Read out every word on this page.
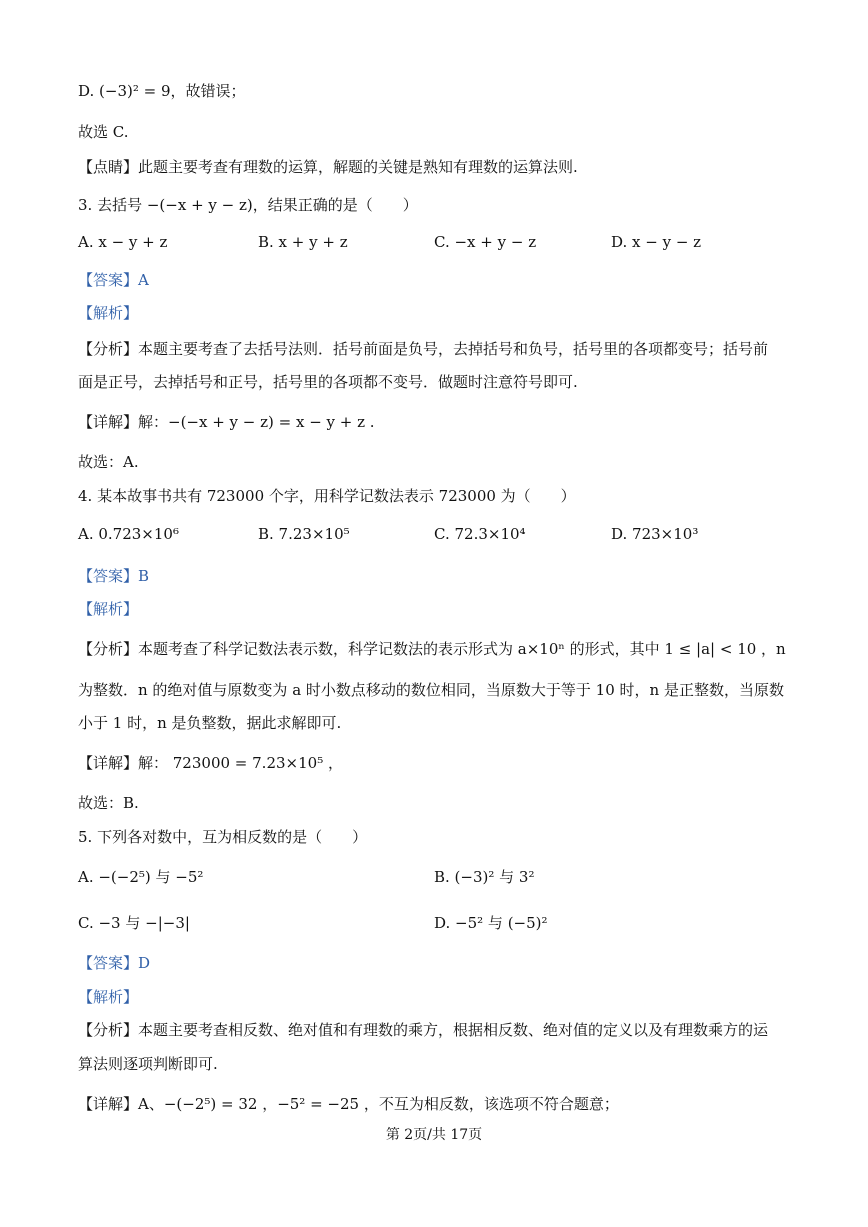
D. (−3)² = 9，故错误；
故选 C.
【点睛】此题主要考查有理数的运算，解题的关键是熟知有理数的运算法则.
3. 去括号 −(−x + y − z)，结果正确的是（　　）
A. x − y + z	B. x + y + z	C. −x + y − z	D. x − y − z
【答案】A
【解析】
【分析】本题主要考查了去括号法则．括号前面是负号，去掉括号和负号，括号里的各项都变号；括号前
面是正号，去掉括号和正号，括号里的各项都不变号．做题时注意符号即可.
【详解】解：−(−x + y − z) = x − y + z .
故选：A.
4. 某本故事书共有 723000 个字，用科学记数法表示 723000 为（　　）
A. 0.723×10⁶	B. 7.23×10⁵	C. 72.3×10⁴	D. 723×10³
【答案】B
【解析】
【分析】本题考查了科学记数法表示数，科学记数法的表示形式为 a×10ⁿ 的形式，其中 1 ≤ |a| < 10 ，n
为整数．n 的绝对值与原数变为 a 时小数点移动的数位相同，当原数大于等于 10 时，n 是正整数，当原数
小于 1 时，n 是负整数，据此求解即可.
【详解】解： 723000 = 7.23×10⁵ ，
故选：B.
5. 下列各对数中，互为相反数的是（　　）
A. −(−2⁵) 与 −5²	B. (−3)² 与 3²
C. −3 与 −|−3|	D. −5² 与 (−5)²
【答案】D
【解析】
【分析】本题主要考查相反数、绝对值和有理数的乘方，根据相反数、绝对值的定义以及有理数乘方的运
算法则逐项判断即可.
【详解】A、−(−2⁵) = 32 ，−5² = −25 ，不互为相反数，该选项不符合题意；
第 2页/共 17页
